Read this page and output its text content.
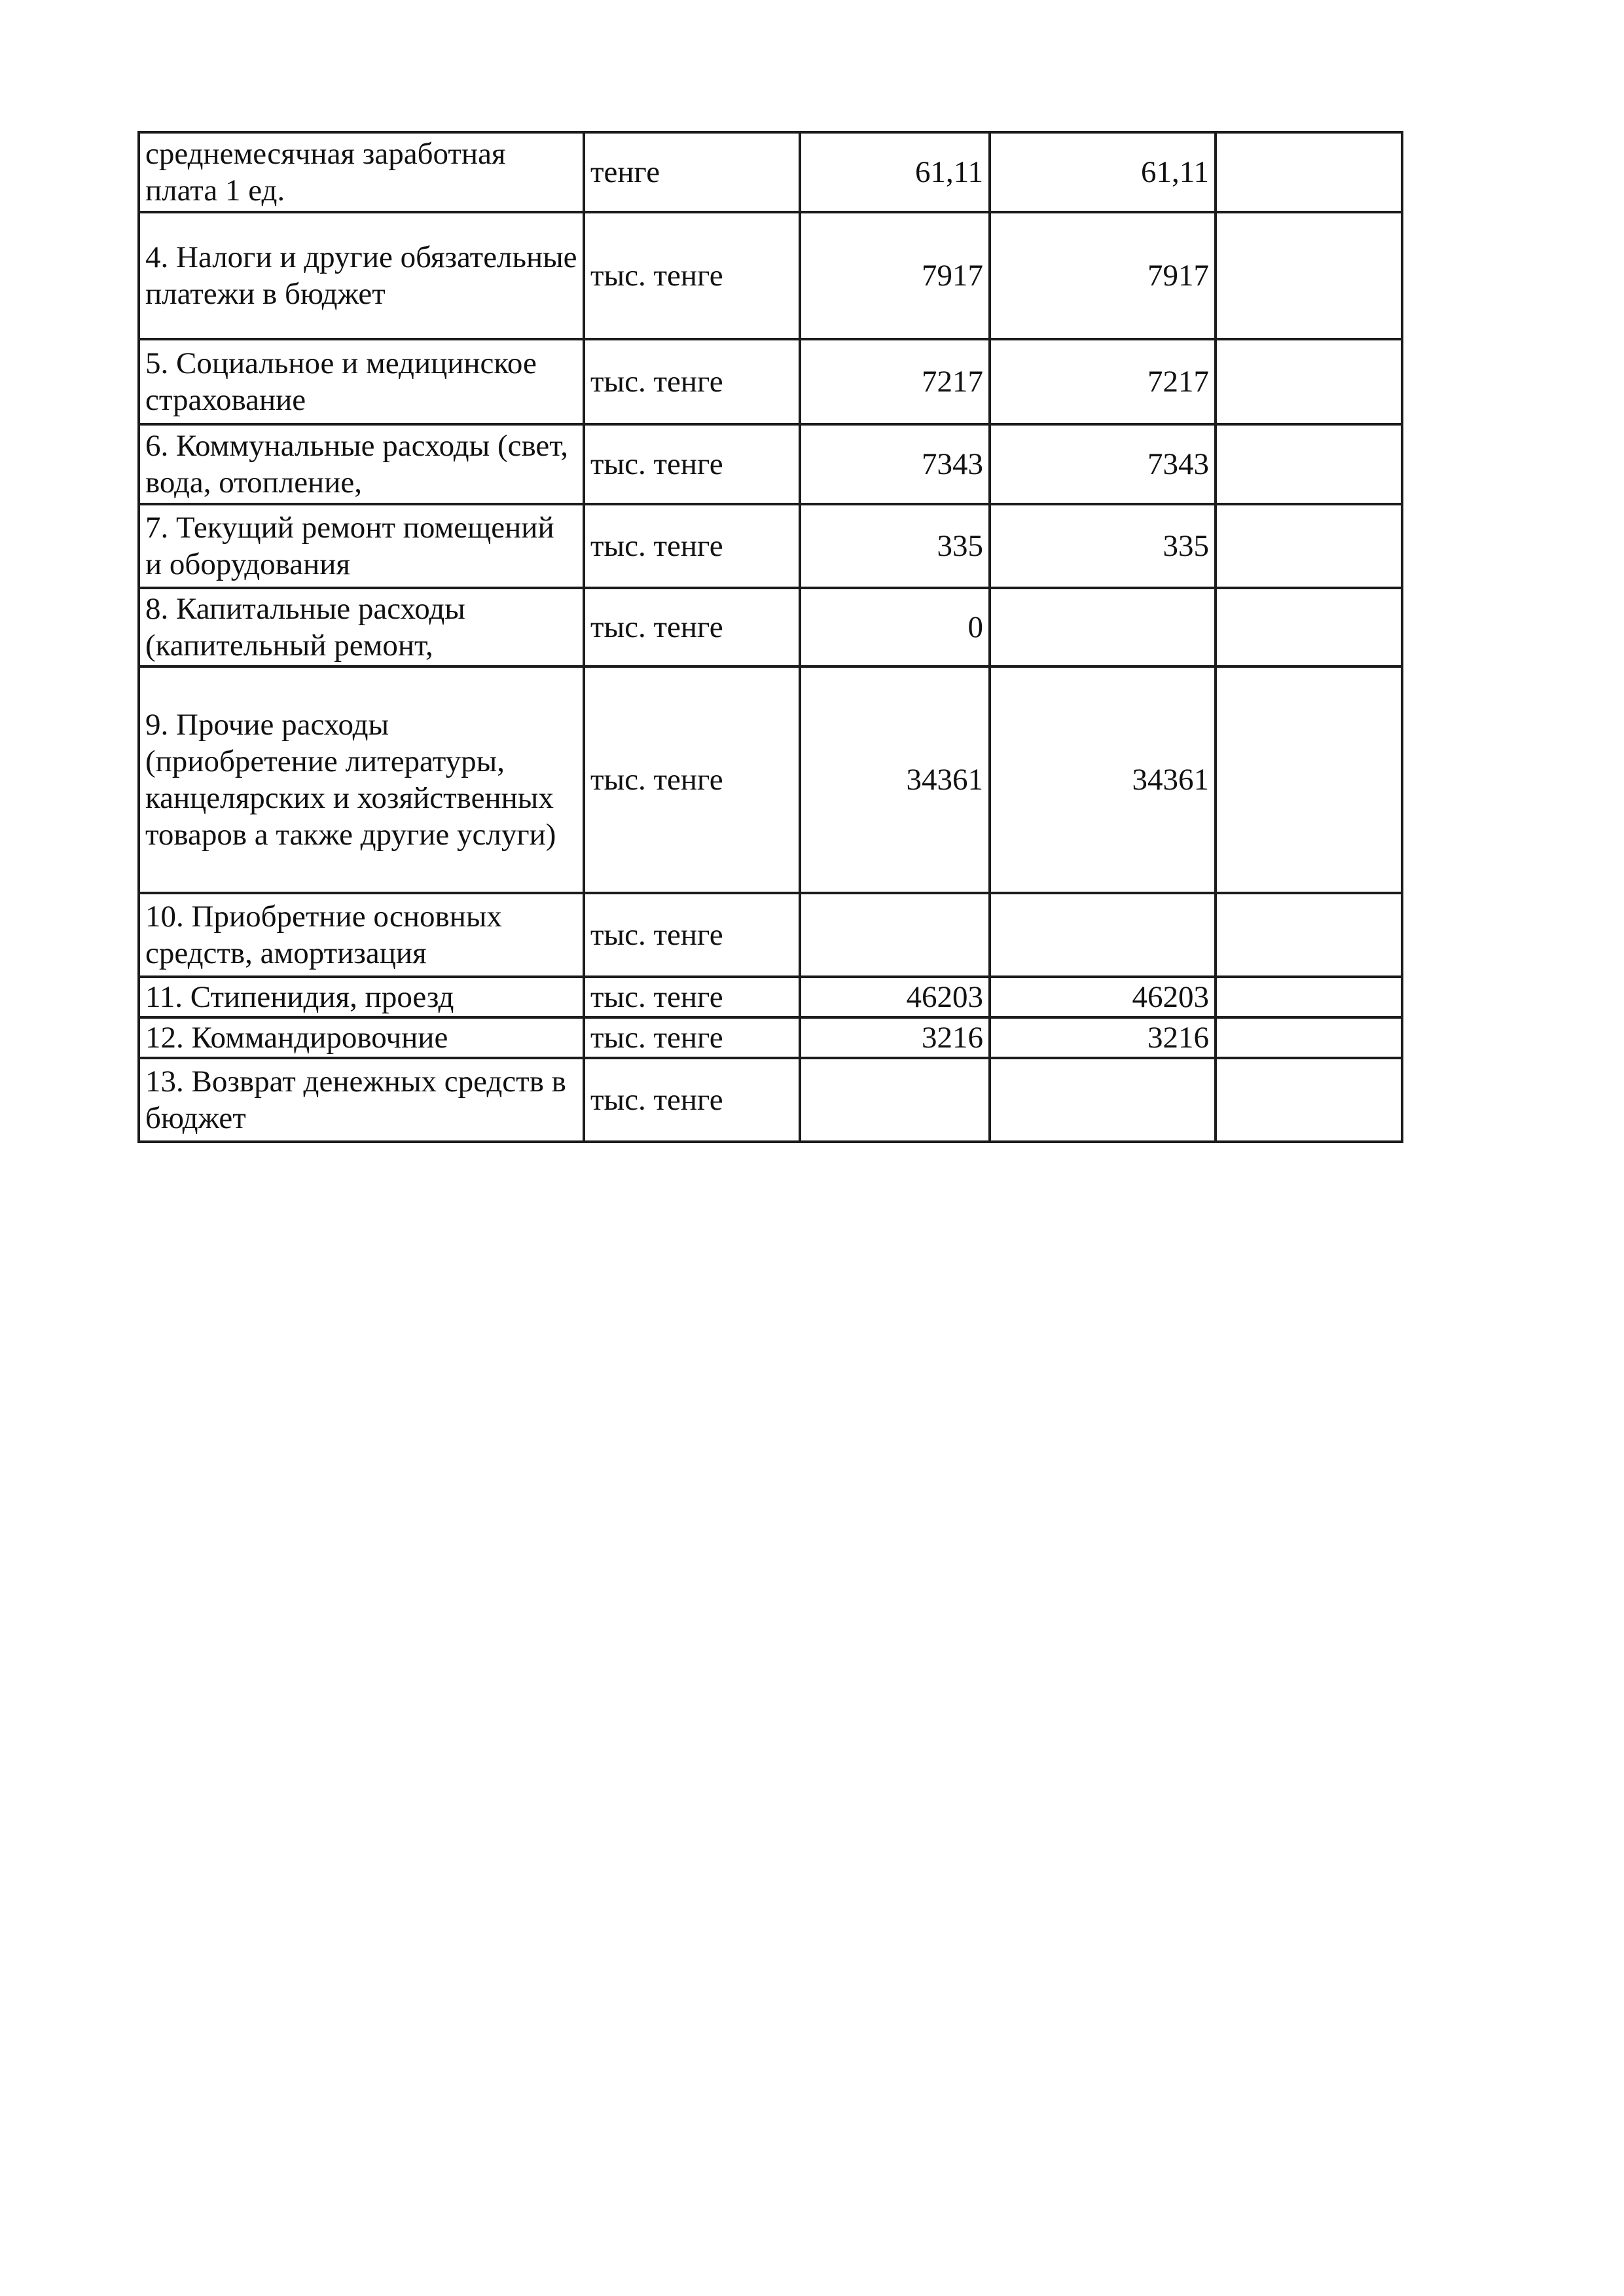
среднемесячная заработная плата 1 ед.	тенге	61,11	61,11	
4. Налоги и другие обязательные платежи в бюджет	тыс. тенге	7917	7917	
5. Социальное и медицинское страхование	тыс. тенге	7217	7217	
6. Коммунальные расходы (свет, вода, отопление,	тыс. тенге	7343	7343	
7. Текущий ремонт помещений и оборудования	тыс. тенге	335	335	
8. Капитальные расходы (капительный ремонт,	тыс. тенге	0		
9. Прочие расходы (приобретение литературы, канцелярских и хозяйственных товаров а также другие услуги)	тыс. тенге	34361	34361	
10. Приобретние основных средств, амортизация	тыс. тенге			
11. Стипенидия, проезд	тыс. тенге	46203	46203	
12. Коммандировочние	тыс. тенге	3216	3216	
13. Возврат денежных средств в бюджет	тыс. тенге			
